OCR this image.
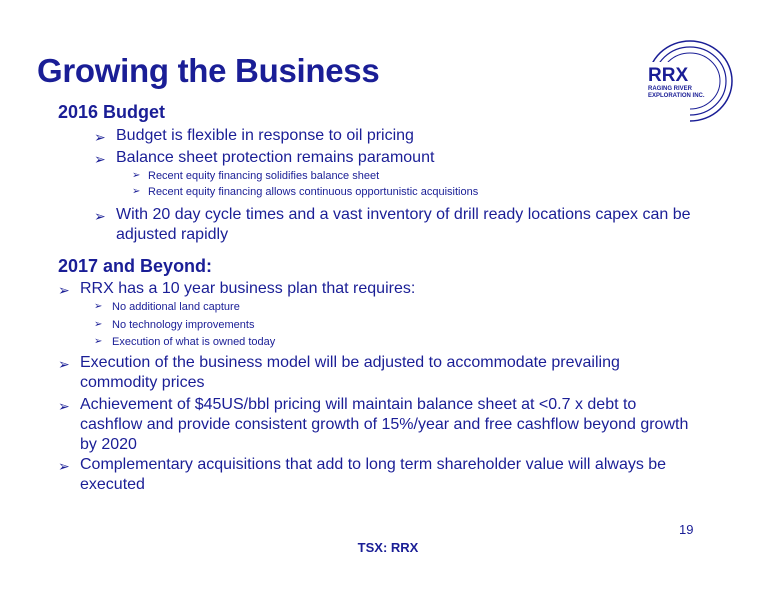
Growing the Business	RRX
RAGING RIVER
EXPLORATION INC.
2016 Budget
➢ Budget is flexible in response to oil pricing
➢ Balance sheet protection remains paramount
➢ Recent equity financing solidifies balance sheet
➢ Recent equity financing allows continuous opportunistic acquisitions
➢ With 20 day cycle times and a vast inventory of drill ready locations capex can be
adjusted rapidly
2017 and Beyond:
➢ RRX has a 10 year business plan that requires:
➢ No additional land capture
➢ No technology improvements
➢ Execution of what is owned today
➢ Execution of the business model will be adjusted to accommodate prevailing
commodity prices
➢ Achievement of $45US/bbl pricing will maintain balance sheet at <0.7 x debt to
cashflow and provide consistent growth of 15%/year and free cashflow beyond growth
by 2020
➢ Complementary acquisitions that add to long term shareholder value will always be
executed
19
TSX: RRX
